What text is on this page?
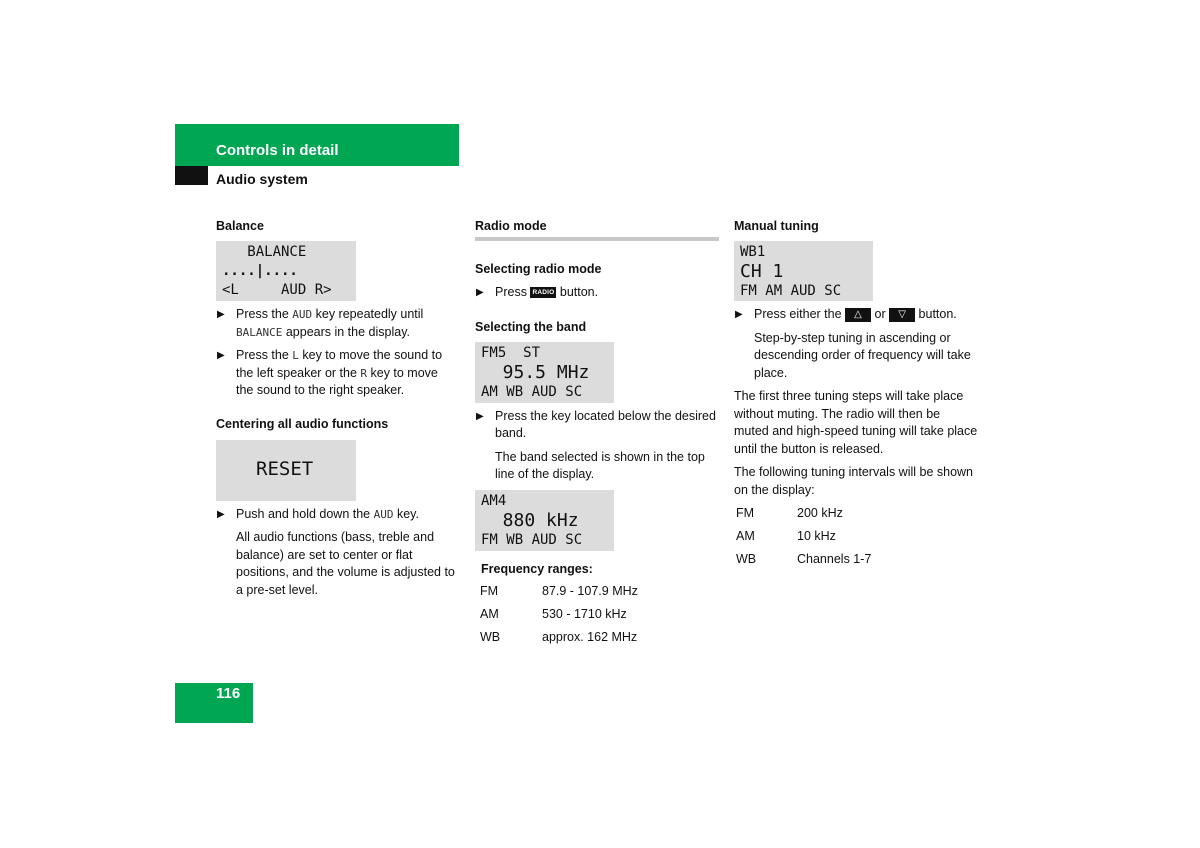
Controls in detail
Audio system

Balance

BALANCE
....|....
<L     AUD R>
▶ Press the AUD key repeatedly until BALANCE appears in the display.
▶ Press the L key to move the sound to the left speaker or the R key to move the sound to the right speaker.

Centering all audio functions

RESET
▶ Push and hold down the AUD key.

All audio functions (bass, treble and balance) are set to center or flat positions, and the volume is adjusted to a pre-set level.

Radio mode

Selecting radio mode

▶ Press RADIO button.

Selecting the band

FM5  ST
95.5 MHz
AM WB AUD SC
▶ Press the key located below the desired band.

The band selected is shown in the top line of the display.

AM4
880 kHz
FM WB AUD SC

Frequency ranges:

FM	87.9 - 107.9 MHz
AM	530 - 1710 kHz
WB	approx. 162 MHz

Manual tuning

WB1
CH 1
FM AM AUD SC
▶ Press either the △ or ▽ button.

Step-by-step tuning in ascending or descending order of frequency will take place.

The first three tuning steps will take place without muting. The radio will then be muted and high-speed tuning will take place until the button is released.

The following tuning intervals will be shown on the display:

FM	200 kHz
AM	10 kHz
WB	Channels 1-7
116
